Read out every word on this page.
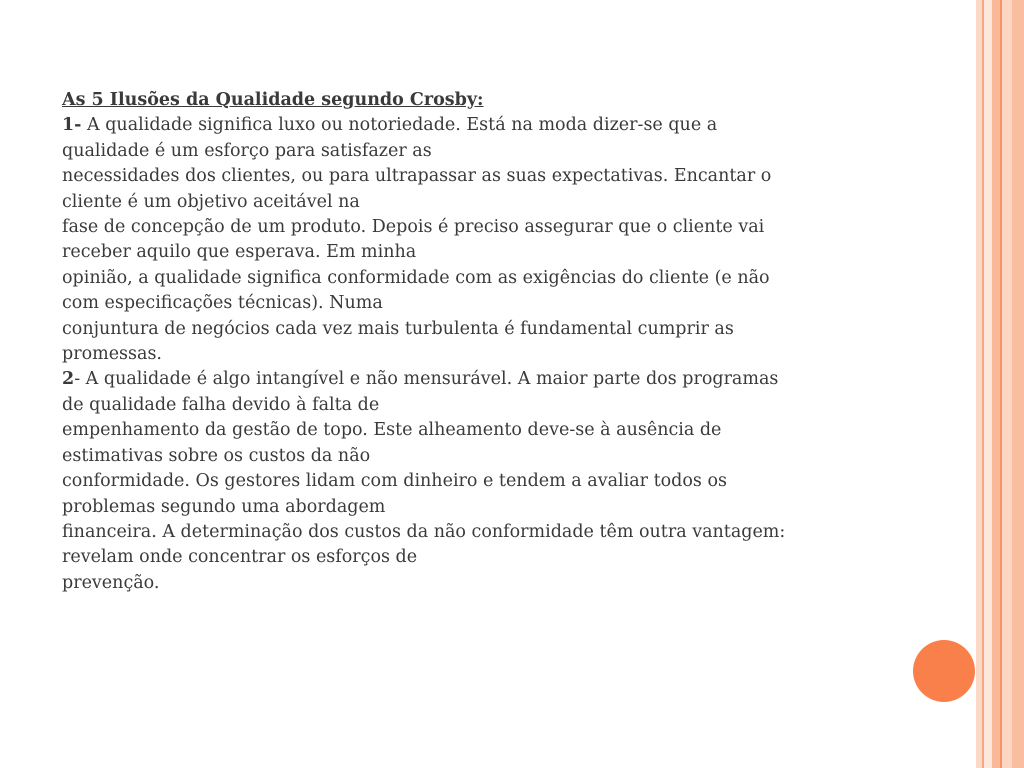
As 5 Ilusões da Qualidade segundo Crosby:

1- A qualidade significa luxo ou notoriedade. Está na moda dizer-se que a
qualidade é um esforço para satisfazer as
necessidades dos clientes, ou para ultrapassar as suas expectativas. Encantar o
cliente é um objetivo aceitável na
fase de concepção de um produto. Depois é preciso assegurar que o cliente vai
receber aquilo que esperava. Em minha
opinião, a qualidade significa conformidade com as exigências do cliente (e não
com especificações técnicas). Numa
conjuntura de negócios cada vez mais turbulenta é fundamental cumprir as
promessas.

2- A qualidade é algo intangível e não mensurável. A maior parte dos programas
de qualidade falha devido à falta de
empenhamento da gestão de topo. Este alheamento deve-se à ausência de
estimativas sobre os custos da não
conformidade. Os gestores lidam com dinheiro e tendem a avaliar todos os
problemas segundo uma abordagem
financeira. A determinação dos custos da não conformidade têm outra vantagem:
revelam onde concentrar os esforços de
prevenção.
